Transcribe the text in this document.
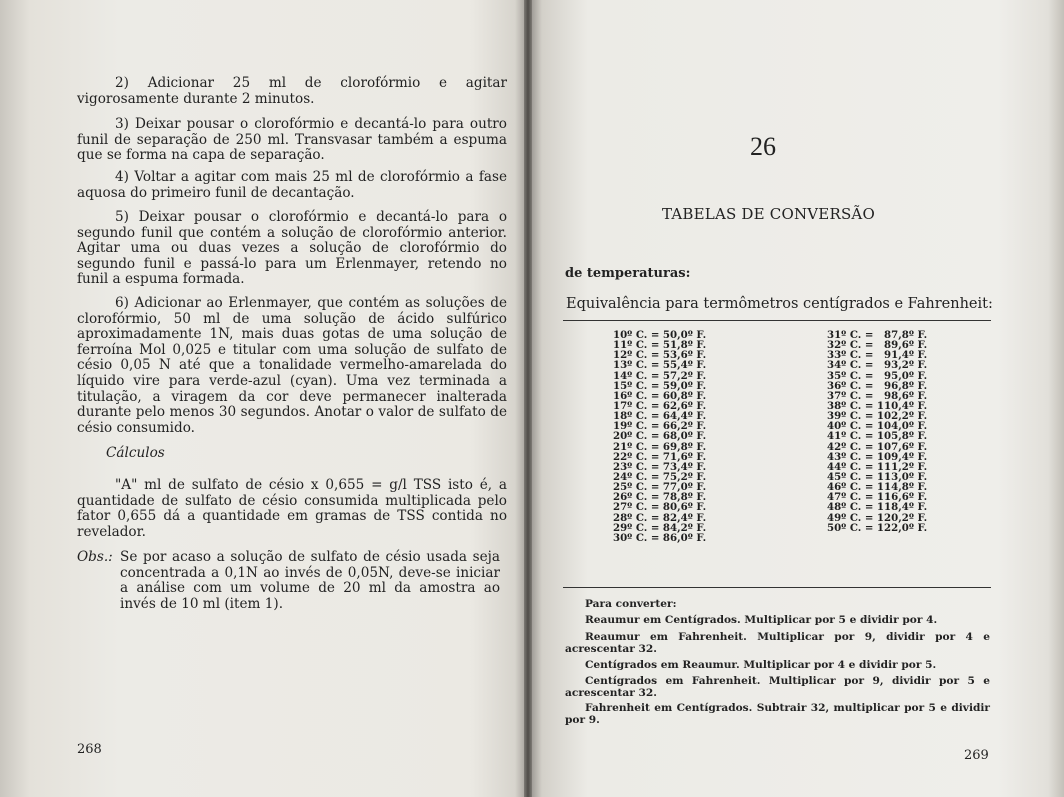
2) Adicionar 25 ml de clorofórmio e agitar vigorosamente durante 2 minutos.

3) Deixar pousar o clorofórmio e decantá-lo para outro funil de separação de 250 ml. Transvasar também a espuma que se forma na capa de separação.

4) Voltar a agitar com mais 25 ml de clorofórmio a fase aquosa do primeiro funil de decantação.

5) Deixar pousar o clorofórmio e decantá-lo para o segundo funil que contém a solução de clorofórmio anterior. Agitar uma ou duas vezes a solução de clorofórmio do segundo funil e passá-lo para um Erlenmayer, retendo no funil a espuma formada.

6) Adicionar ao Erlenmayer, que contém as soluções de clorofórmio, 50 ml de uma solução de ácido sulfúrico aproximadamente 1N, mais duas gotas de uma solução de ferroína Mol 0,025 e titular com uma solução de sulfato de césio 0,05 N até que a tonalidade vermelho-amarelada do líquido vire para verde-azul (cyan). Uma vez terminada a titulação, a viragem da cor deve permanecer inalterada durante pelo menos 30 segundos. Anotar o valor de sulfato de césio consumido.

Cálculos

"A" ml de sulfato de césio x 0,655 = g/l TSS isto é, a quantidade de sulfato de césio consumida multiplicada pelo fator 0,655 dá a quantidade em gramas de TSS contida no revelador.

Obs.: Se por acaso a solução de sulfato de césio usada seja concentrada a 0,1N ao invés de 0,05N, deve-se iniciar a análise com um volume de 20 ml da amostra ao invés de 10 ml (item 1).

268
26
TABELAS DE CONVERSÃO
de temperaturas:
Equivalência para termômetros centígrados e Fahrenheit:
10º C. = 50,0º F.
11º C. = 51,8º F.
12º C. = 53,6º F.
13º C. = 55,4º F.
14º C. = 57,2º F.
15º C. = 59,0º F.
16º C. = 60,8º F.
17º C. = 62,6º F.
18º C. = 64,4º F.
19º C. = 66,2º F.
20º C. = 68,0º F.
21º C. = 69,8º F.
22º C. = 71,6º F.
23º C. = 73,4º F.
24º C. = 75,2º F.
25º C. = 77,0º F.
26º C. = 78,8º F.
27º C. = 80,6º F.
28º C. = 82,4º F.
29º C. = 84,2º F.
30º C. = 86,0º F.
31º C. =   87,8º F.
32º C. =   89,6º F.
33º C. =   91,4º F.
34º C. =   93,2º F.
35º C. =   95,0º F.
36º C. =   96,8º F.
37º C. =   98,6º F.
38º C. = 110,4º F.
39º C. = 102,2º F.
40º C. = 104,0º F.
41º C. = 105,8º F.
42º C. = 107,6º F.
43º C. = 109,4º F.
44º C. = 111,2º F.
45º C. = 113,0º F.
46º C. = 114,8º F.
47º C. = 116,6º F.
48º C. = 118,4º F.
49º C. = 120,2º F.
50º C. = 122,0º F.
Para converter:

Reaumur em Centígrados. Multiplicar por 5 e dividir por 4.

Reaumur em Fahrenheit. Multiplicar por 9, dividir por 4 e acrescentar 32.

Centígrados em Reaumur. Multiplicar por 4 e dividir por 5.

Centígrados em Fahrenheit. Multiplicar por 9, dividir por 5 e acrescentar 32.

Fahrenheit em Centígrados. Subtrair 32, multiplicar por 5 e dividir por 9.

269
